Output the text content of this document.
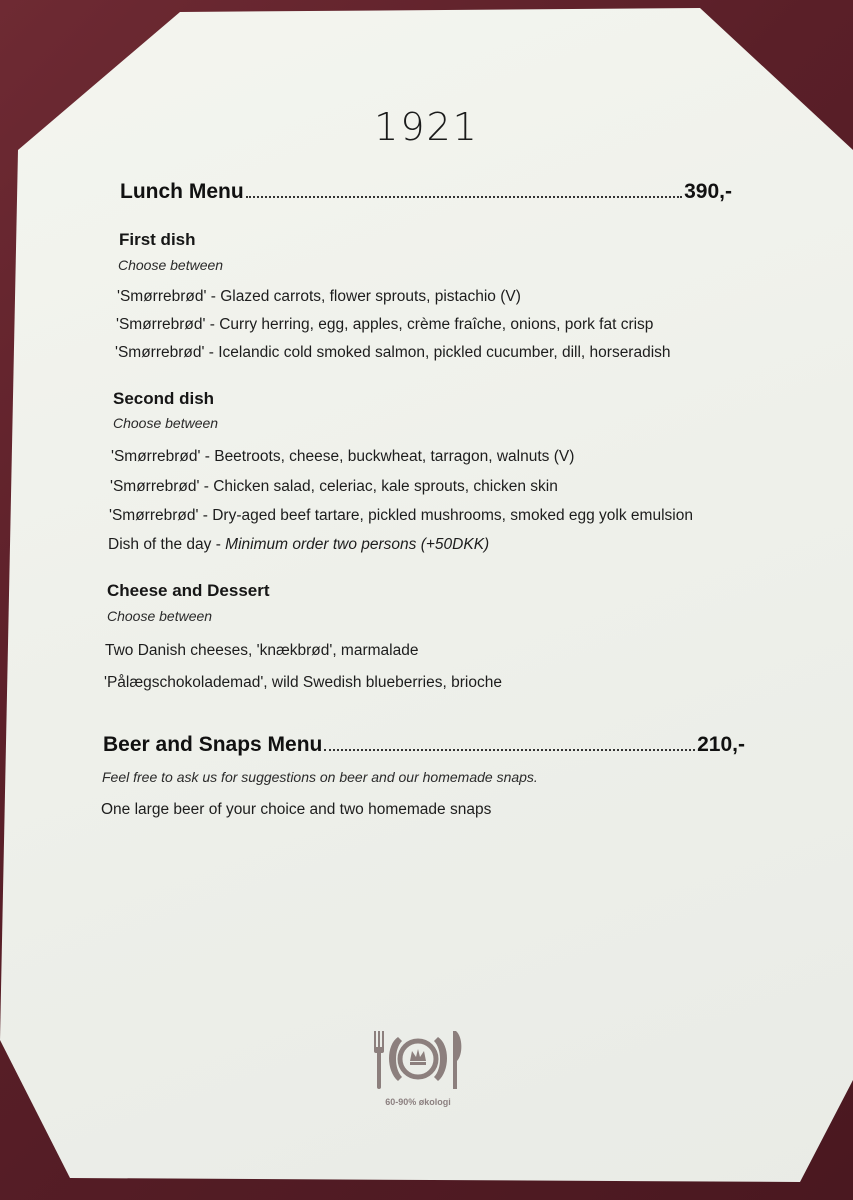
1921
Lunch Menu	390,-
First dish
Choose between
'Smørrebrød' - Glazed carrots, flower sprouts, pistachio (V)
'Smørrebrød' - Curry herring, egg, apples, crème fraîche, onions, pork fat crisp
'Smørrebrød' - Icelandic cold smoked salmon, pickled cucumber, dill, horseradish
Second dish
Choose between
'Smørrebrød' - Beetroots, cheese, buckwheat, tarragon, walnuts (V)
'Smørrebrød' - Chicken salad, celeriac, kale sprouts, chicken skin
'Smørrebrød' - Dry-aged beef tartare, pickled mushrooms, smoked egg yolk emulsion
Dish of the day - Minimum order two persons (+50DKK)
Cheese and Dessert
Choose between
Two Danish cheeses, 'knækbrød', marmalade
'Pålægschokolademad', wild Swedish blueberries, brioche
Beer and Snaps Menu	210,-
Feel free to ask us for suggestions on beer and our homemade snaps.
One large beer of your choice and two homemade snaps
60-90% økologi
